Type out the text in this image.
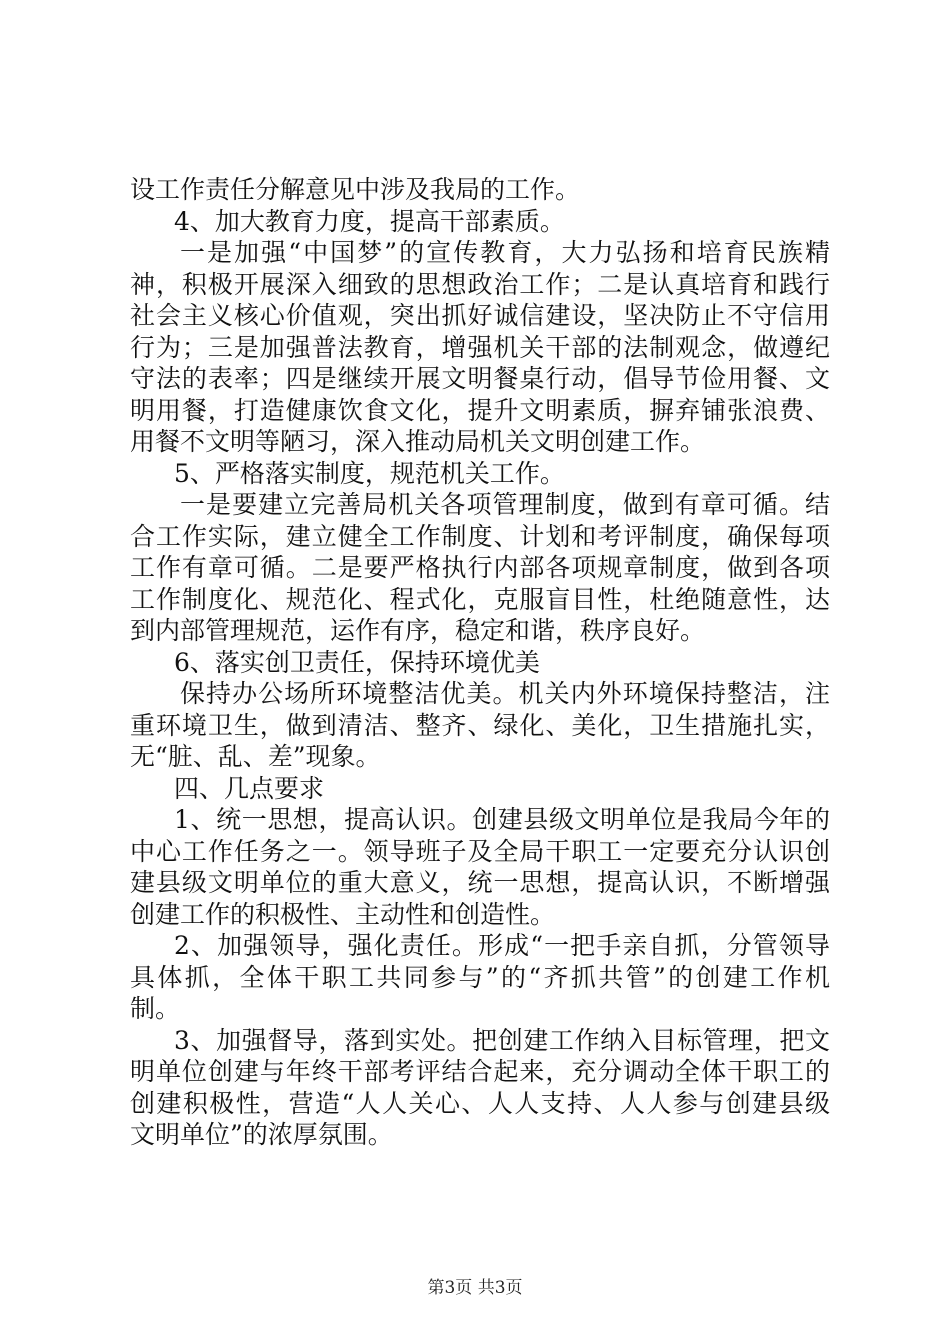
设工作责任分解意见中涉及我局的工作。
4、加大教育力度，提高干部素质。
一是加强“中国梦”的宣传教育，大力弘扬和培育民族精
神，积极开展深入细致的思想政治工作；二是认真培育和践行
社会主义核心价值观，突出抓好诚信建设，坚决防止不守信用
行为；三是加强普法教育，增强机关干部的法制观念，做遵纪
守法的表率；四是继续开展文明餐桌行动，倡导节俭用餐、文
明用餐，打造健康饮食文化，提升文明素质，摒弃铺张浪费、
用餐不文明等陋习，深入推动局机关文明创建工作。
5、严格落实制度，规范机关工作。
一是要建立完善局机关各项管理制度，做到有章可循。结
合工作实际，建立健全工作制度、计划和考评制度，确保每项
工作有章可循。二是要严格执行内部各项规章制度，做到各项
工作制度化、规范化、程式化，克服盲目性，杜绝随意性，达
到内部管理规范，运作有序，稳定和谐，秩序良好。
6、落实创卫责任，保持环境优美
保持办公场所环境整洁优美。机关内外环境保持整洁，注
重环境卫生，做到清洁、整齐、绿化、美化，卫生措施扎实，
无“脏、乱、差”现象。
四、几点要求
1、统一思想，提高认识。创建县级文明单位是我局今年的
中心工作任务之一。领导班子及全局干职工一定要充分认识创
建县级文明单位的重大意义，统一思想，提高认识，不断增强
创建工作的积极性、主动性和创造性。
2、加强领导，强化责任。形成“一把手亲自抓，分管领导
具体抓，全体干职工共同参与”的“齐抓共管”的创建工作机
制。
3、加强督导，落到实处。把创建工作纳入目标管理，把文
明单位创建与年终干部考评结合起来，充分调动全体干职工的
创建积极性，营造“人人关心、人人支持、人人参与创建县级
文明单位”的浓厚氛围。
第3页 共3页
